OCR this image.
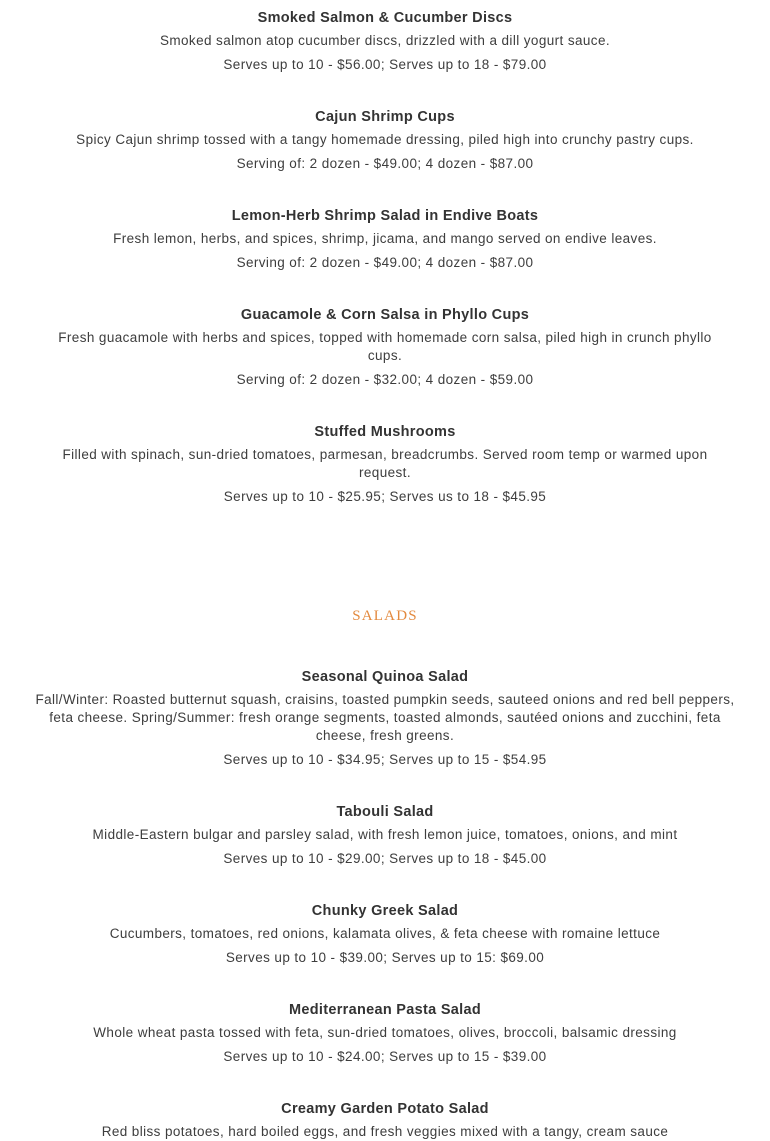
Smoked Salmon & Cucumber Discs
Smoked salmon atop cucumber discs, drizzled with a dill yogurt sauce.
Serves up to 10 - $56.00; Serves up to 18 - $79.00
Cajun Shrimp Cups
Spicy Cajun shrimp tossed with a tangy homemade dressing, piled high into crunchy pastry cups.
Serving of: 2 dozen - $49.00; 4 dozen - $87.00
Lemon-Herb Shrimp Salad in Endive Boats
Fresh lemon, herbs, and spices, shrimp, jicama, and mango served on endive leaves.
Serving of: 2 dozen - $49.00; 4 dozen - $87.00
Guacamole & Corn Salsa in Phyllo Cups
Fresh guacamole with herbs and spices, topped with homemade corn salsa, piled high in crunch phyllo cups.
Serving of: 2 dozen - $32.00; 4 dozen - $59.00
Stuffed Mushrooms
Filled with spinach, sun-dried tomatoes, parmesan, breadcrumbs. Served room temp or warmed upon request.
Serves up to 10 - $25.95; Serves us to 18 - $45.95
SALADS
Seasonal Quinoa Salad
Fall/Winter: Roasted butternut squash, craisins, toasted pumpkin seeds, sauteed onions and red bell peppers, feta cheese. Spring/Summer: fresh orange segments, toasted almonds, sautéed onions and zucchini, feta cheese, fresh greens.
Serves up to 10 - $34.95; Serves up to 15 - $54.95
Tabouli Salad
Middle-Eastern bulgar and parsley salad, with fresh lemon juice, tomatoes, onions, and mint
Serves up to 10 - $29.00; Serves up to 18 - $45.00
Chunky Greek Salad
Cucumbers, tomatoes, red onions, kalamata olives, & feta cheese with romaine lettuce
Serves up to 10 - $39.00; Serves up to 15: $69.00
Mediterranean Pasta Salad
Whole wheat pasta tossed with feta, sun-dried tomatoes, olives, broccoli, balsamic dressing
Serves up to 10 - $24.00; Serves up to 15 - $39.00
Creamy Garden Potato Salad
Red bliss potatoes, hard boiled eggs, and fresh veggies mixed with a tangy, cream sauce
